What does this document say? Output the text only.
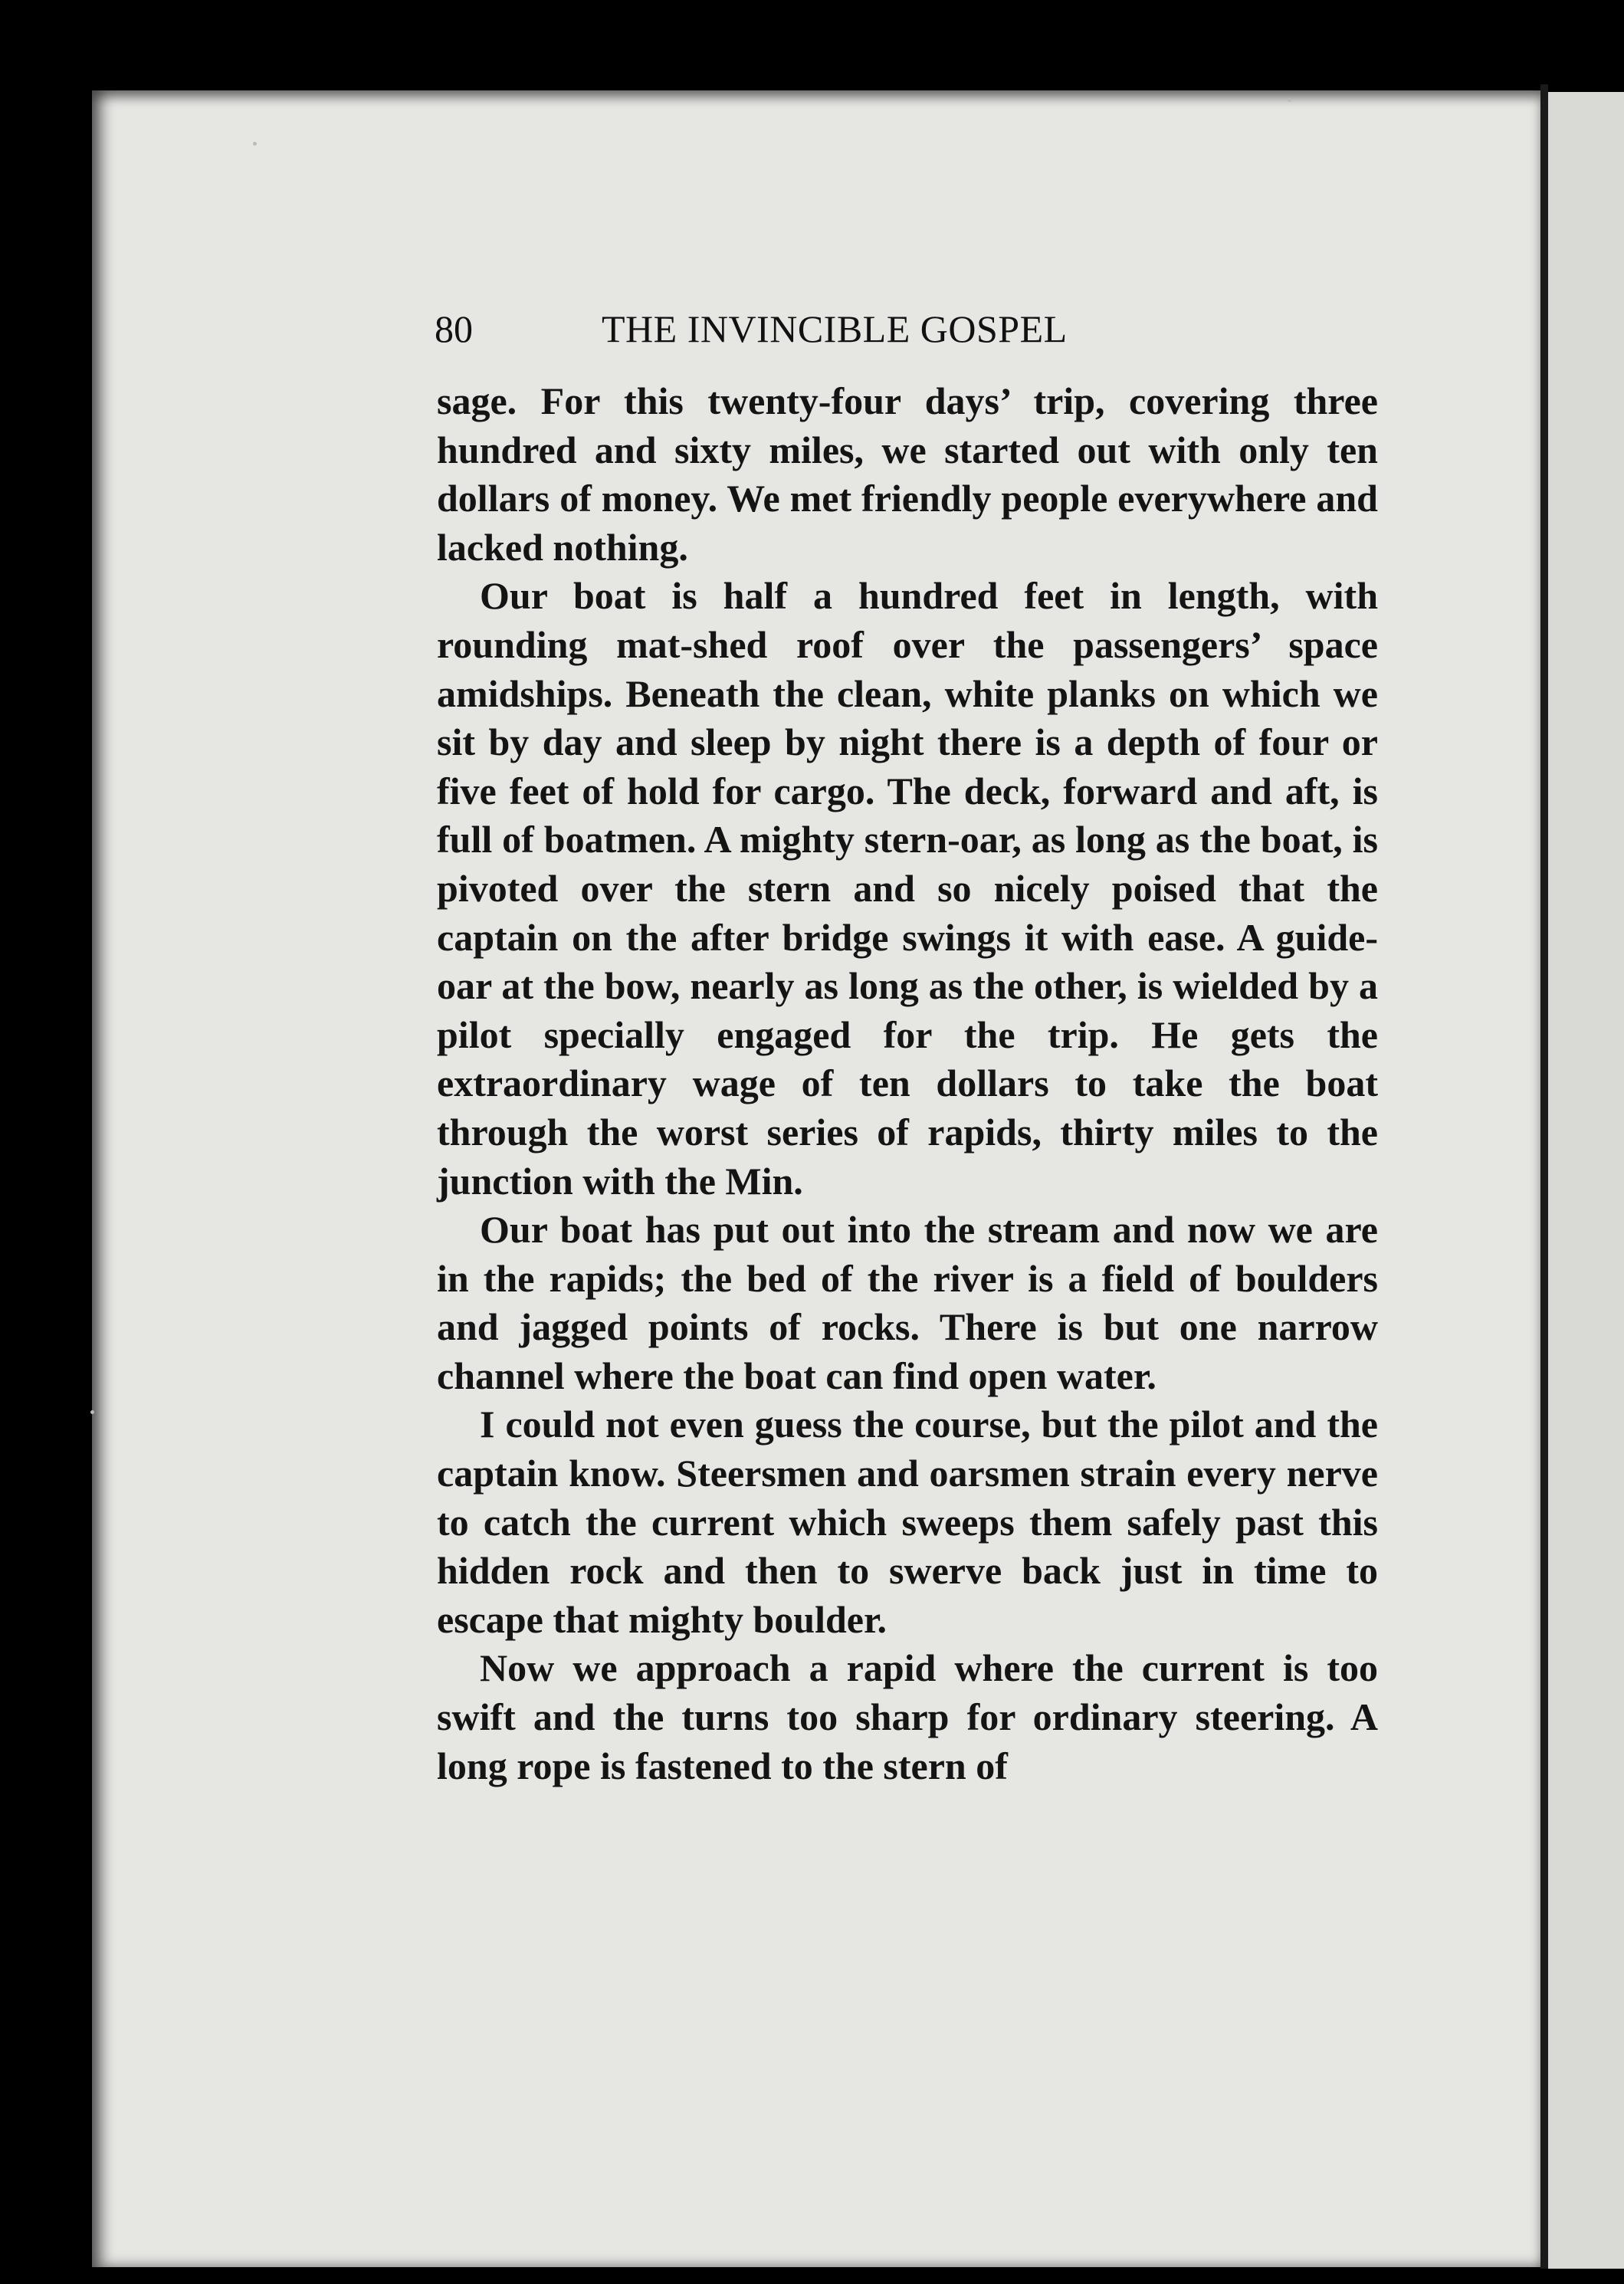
80	THE INVINCIBLE GOSPEL

sage. For this twenty-four days’ trip, covering three hundred and sixty miles, we started out with only ten dollars of money. We met friendly people everywhere and lacked nothing.

Our boat is half a hundred feet in length, with rounding mat-shed roof over the passengers’ space amidships. Beneath the clean, white planks on which we sit by day and sleep by night there is a depth of four or five feet of hold for cargo. The deck, forward and aft, is full of boatmen. A mighty stern-oar, as long as the boat, is pivoted over the stern and so nicely poised that the captain on the after bridge swings it with ease. A guide-oar at the bow, nearly as long as the other, is wielded by a pilot specially engaged for the trip. He gets the extraordinary wage of ten dollars to take the boat through the worst series of rapids, thirty miles to the junction with the Min.

Our boat has put out into the stream and now we are in the rapids; the bed of the river is a field of boulders and jagged points of rocks. There is but one narrow channel where the boat can find open water.

I could not even guess the course, but the pilot and the captain know. Steersmen and oarsmen strain every nerve to catch the current which sweeps them safely past this hidden rock and then to swerve back just in time to escape that mighty boulder.

Now we approach a rapid where the current is too swift and the turns too sharp for ordinary steering. A long rope is fastened to the stern of
